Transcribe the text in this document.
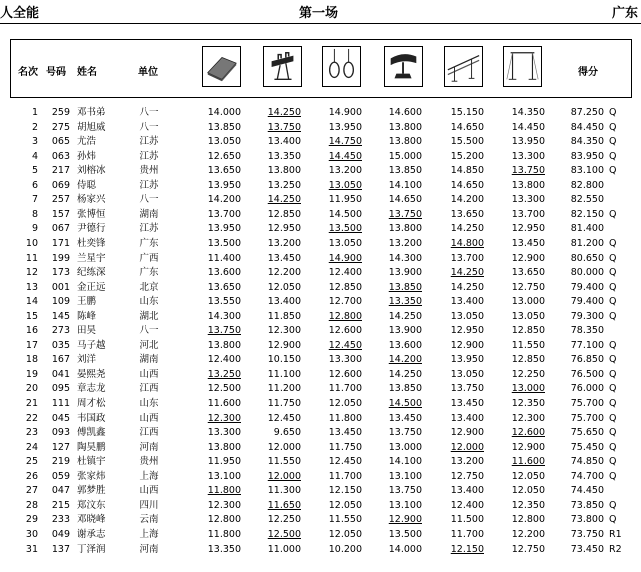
人全能	第一场	广东
名次 号码 姓名	单位	得分
1	259 邓书弟	八一	14.000	14.250	14.900	14.600	15.150	14.350	87.250 Q
2	275 胡旭威	八一	13.850	13.750	13.950	13.800	14.650	14.450	84.450 Q
3	065 尤浩	江苏	13.050	13.400	14.750	13.800	15.500	13.950	84.350 Q
4	063 孙炜	江苏	12.650	13.350	14.450	15.000	15.200	13.300	83.950 Q
5	217 刘榕冰	贵州	13.650	13.800	13.200	13.850	14.850	13.750	83.100 Q
6	069 侍聪	江苏	13.950	13.250	13.050	14.100	14.650	13.800	82.800
7	257 杨家兴	八一	14.200	14.250	11.950	14.650	14.200	13.300	82.550
8	157 张博恒	湖南	13.700	12.850	14.500	13.750	13.650	13.700	82.150 Q
9	067 尹德行	江苏	13.950	12.950	13.500	13.800	14.250	12.950	81.400
10	171 杜奕锋	广东	13.500	13.200	13.050	13.200	14.800	13.450	81.200 Q
11	199 兰星宇	广西	11.400	13.450	14.900	14.300	13.700	12.900	80.650 Q
12	173 纪练深	广东	13.600	12.200	12.400	13.900	14.250	13.650	80.000 Q
13	001 金正远	北京	13.650	12.050	12.850	13.850	14.250	12.750	79.400 Q
14	109 王鹏	山东	13.550	13.400	12.700	13.350	13.400	13.000	79.400 Q
15	145 陈峰	湖北	14.300	11.850	12.800	14.250	13.050	13.050	79.300 Q
16	273 田昊	八一	13.750	12.300	12.600	13.900	12.950	12.850	78.350
17	035 马子越	河北	13.800	12.900	12.450	13.600	12.900	11.550	77.100 Q
18	167 刘洋	湖南	12.400	10.150	13.300	14.200	13.950	12.850	76.850 Q
19	041 晏熙尧	山西	13.250	11.100	12.600	14.250	13.050	12.250	76.500 Q
20	095 章志龙	江西	12.500	11.200	11.700	13.850	13.750	13.000	76.000 Q
21	111 周才松	山东	11.600	11.750	12.050	14.500	13.450	12.350	75.700 Q
22	045 韦国政	山西	12.300	12.450	11.800	13.450	13.400	12.300	75.700 Q
23	093 傅凯鑫	江西	13.300	9.650	13.450	13.750	12.900	12.600	75.650 Q
24	127 陶昊鹏	河南	13.800	12.000	11.750	13.000	12.000	12.900	75.450 Q
25	219 杜镇宇	贵州	11.950	11.550	12.450	14.100	13.200	11.600	74.850 Q
26	059 张家炜	上海	13.100	12.000	11.700	13.100	12.750	12.050	74.700 Q
27	047 郭梦胜	山西	11.800	11.300	12.150	13.750	13.400	12.050	74.450
28	215 郑汶东	四川	12.300	11.650	12.050	13.100	12.400	12.350	73.850 Q
29	233 邓晓峰	云南	12.800	12.250	11.550	12.900	11.500	12.800	73.800 Q
30	049 谢承志	上海	11.800	12.500	12.050	13.500	11.700	12.200	73.750 R1
31	137 丁泽润	河南	13.350	11.000	10.200	14.000	12.150	12.750	73.450 R2
